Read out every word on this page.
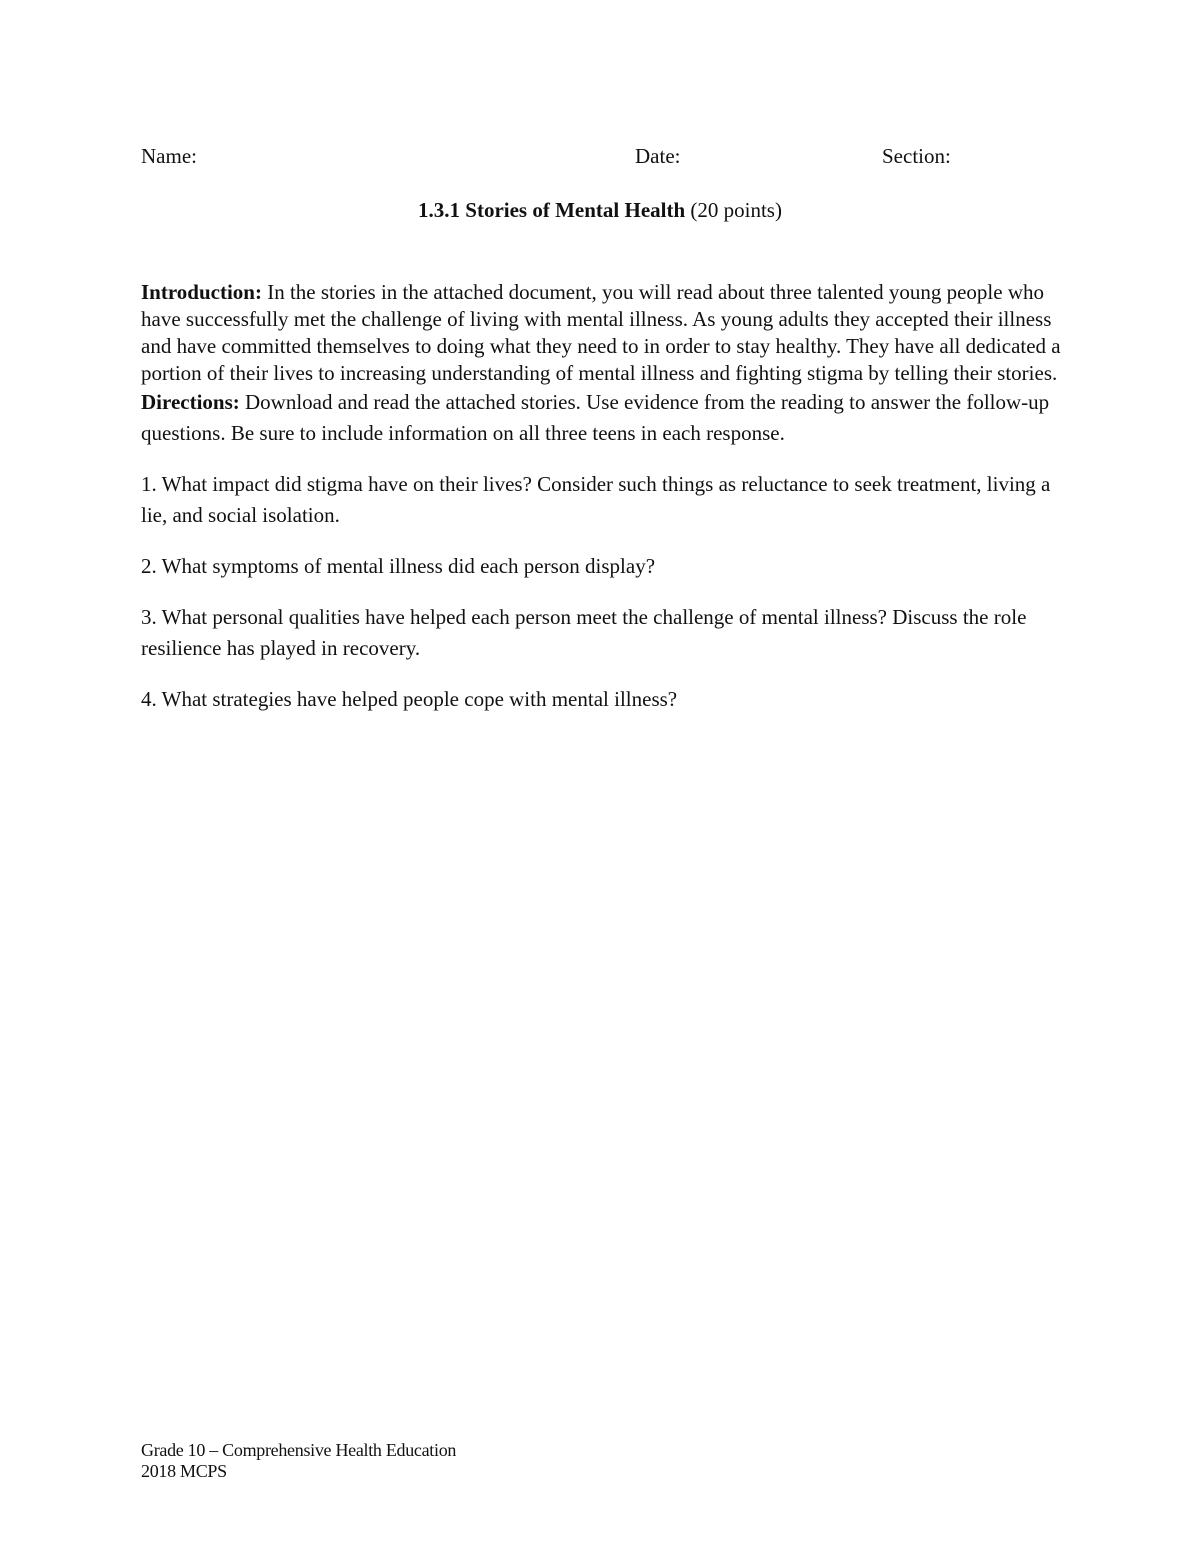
Name:	Date:	Section:
1.3.1 Stories of Mental Health (20 points)

Introduction: In the stories in the attached document, you will read about three talented young people who have successfully met the challenge of living with mental illness. As young adults they accepted their illness and have committed themselves to doing what they need to in order to stay healthy. They have all dedicated a portion of their lives to increasing understanding of mental illness and fighting stigma by telling their stories.

Directions: Download and read the attached stories. Use evidence from the reading to answer the follow-up questions. Be sure to include information on all three teens in each response.

1. What impact did stigma have on their lives? Consider such things as reluctance to seek treatment, living a lie, and social isolation.

2. What symptoms of mental illness did each person display?

3. What personal qualities have helped each person meet the challenge of mental illness? Discuss the role resilience has played in recovery.

4. What strategies have helped people cope with mental illness?

Grade 10 – Comprehensive Health Education
2018 MCPS
